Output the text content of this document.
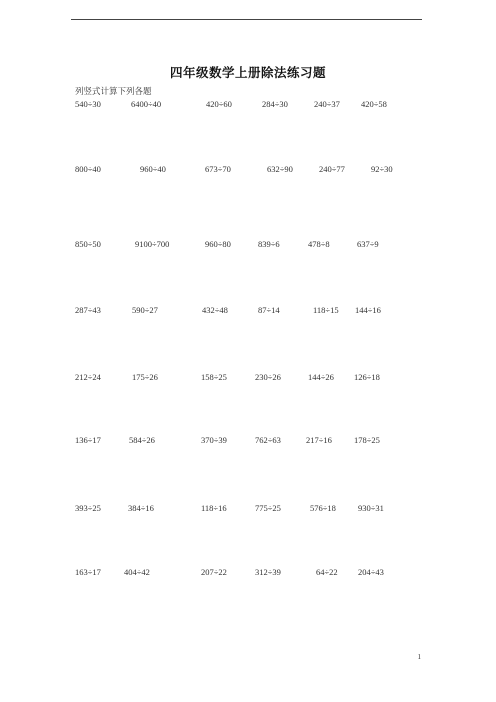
四年级数学上册除法练习题
列竖式计算下列各题
540÷30	6400÷40	420÷60	284÷30	240÷37 420÷58
800÷40	960÷40	673÷70	632÷90	240÷77	92÷30
850÷50	9100÷700	960÷80	839÷6	478÷8	637÷9
287÷43	590÷27	432÷48	87÷14	118÷15 144÷16
212÷24	175÷26	158÷25	230÷26	144÷26 126÷18
136÷17	584÷26	370÷39	762÷63	217÷16	178÷25
393÷25	384÷16	118÷16	775÷25	576÷18	930÷31
163÷17	404÷42	207÷22	312÷39	64÷22 204÷43
1
